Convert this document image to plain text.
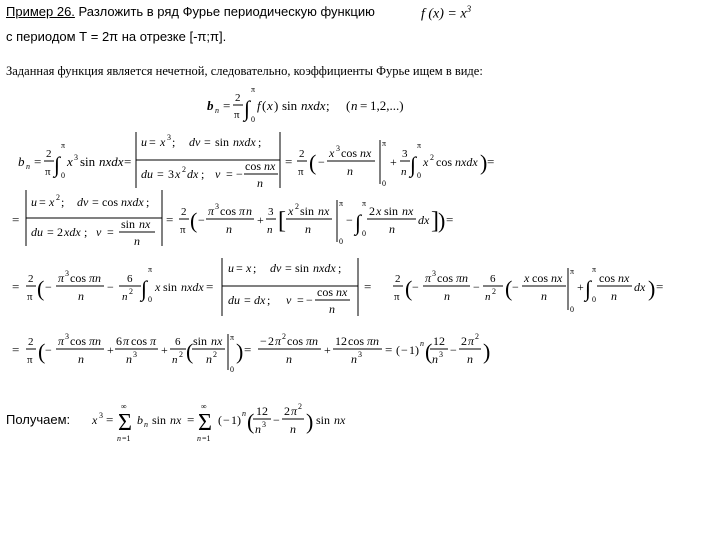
Пример 26. Разложить в ряд Фурье периодическую функцию	f $(x) = x^3$
с периодом Т = 2π на отрезке [-π;π].
Заданная функция является нечетной, следовательно, коэффициенты Фурье ищем в виде:
b n = 2
π ∫
π
0
f ( x ) sin nxdx ; ( n = 1,2,...)
b n = 2
π ∫
π
0
x 3 sin nxdx =
u = x 3 ; dv = sin nxdx ;
du = 3 x 2 dx ; v = −
cos nx
n
= 2
π ( −
x 3 cos nx
n
π
0
+
3
n ∫
π
0
x 2 cos nxdx ) =
=
u = x 2 ; dv = cos nxdx ;
du = 2 xdx ; v =
sin nx
n
= 2
π ( −
π 3 cos π n
n
+
3
n [ x 2 sin nx
n
π
0
− ∫
π
0
2 x sin nx
n
dx ] ) =
= 2
π ( −
π 3 cos πn
n
−
6
n 2 ∫
π
0
x sin nxdx =
u = x ; dv = sin nxdx ;
du = dx ; v = −
cos nx
n
= 2
π ( −
π 3 cos πn
n
−
6
n 2 ( −
x cos nx
n
π
0
+ ∫
π
0
cos nx
n
dx ) =
= 2
π ( −
π 3 cos πn
n
+
6 π cos π
n 3 +
6
n 2 ( sin nx
n 2
π
0
) =
− 2 π 2 cos πn
n
+
12 cos πn
n 3 = ( − 1 ) n ( 12
n 3 −
2 π 2
n )
x 3 = Σ
∞
n =1
b n sin nx = Σ
∞
n =1
( − 1 ) n ( 12
n 3 −
2 π 2
n ) sin nx
Получаем:
